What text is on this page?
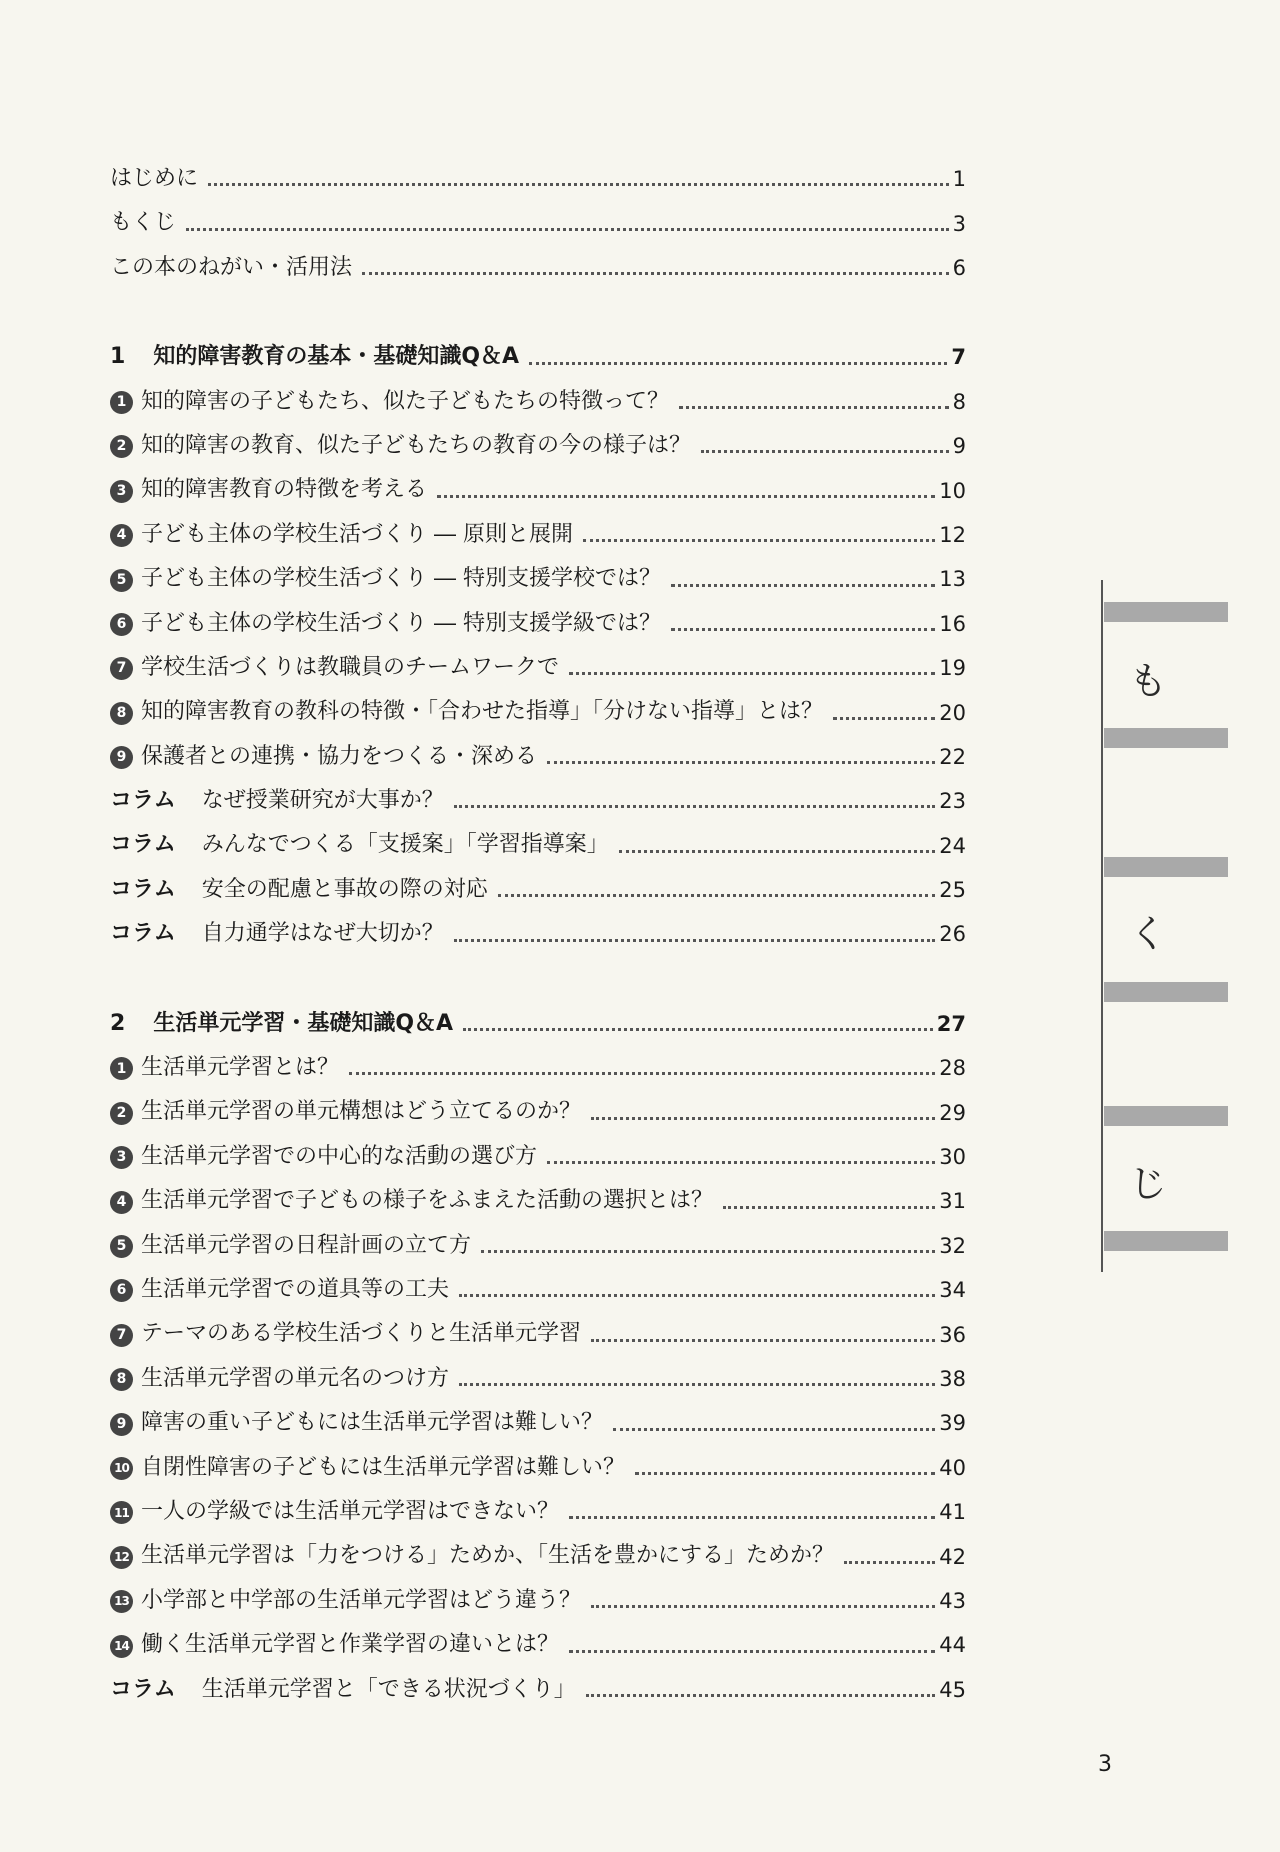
はじめに	1
もくじ	3
この本のねがい・活用法	6
1 知的障害教育の基本・基礎知識Q＆A	7
1 知的障害の子どもたち、似た子どもたちの特徴って？	8
2 知的障害の教育、似た子どもたちの教育の今の様子は？	9
3 知的障害教育の特徴を考える	10
4 子ども主体の学校生活づくり ― 原則と展開	12
5 子ども主体の学校生活づくり ― 特別支援学校では？	13
6 子ども主体の学校生活づくり ― 特別支援学級では？	16
7 学校生活づくりは教職員のチームワークで	19
8 知的障害教育の教科の特徴・「合わせた指導」「分けない指導」とは？	20
9 保護者との連携・協力をつくる・深める	22
コラム なぜ授業研究が大事か？	23
コラム みんなでつくる「支援案」「学習指導案」	24
コラム 安全の配慮と事故の際の対応	25
コラム 自力通学はなぜ大切か？	26
2 生活単元学習・基礎知識Q＆A	27
1 生活単元学習とは？	28
2 生活単元学習の単元構想はどう立てるのか？	29
3 生活単元学習での中心的な活動の選び方	30
4 生活単元学習で子どもの様子をふまえた活動の選択とは？	31
5 生活単元学習の日程計画の立て方	32
6 生活単元学習での道具等の工夫	34
7 テーマのある学校生活づくりと生活単元学習	36
8 生活単元学習の単元名のつけ方	38
9 障害の重い子どもには生活単元学習は難しい？	39
10 自閉性障害の子どもには生活単元学習は難しい？	40
11 一人の学級では生活単元学習はできない？	41
12 生活単元学習は「力をつける」ためか、「生活を豊かにする」ためか？	42
13 小学部と中学部の生活単元学習はどう違う？	43
14 働く生活単元学習と作業学習の違いとは？	44
コラム 生活単元学習と「できる状況づくり」	45
も
く
じ
3
